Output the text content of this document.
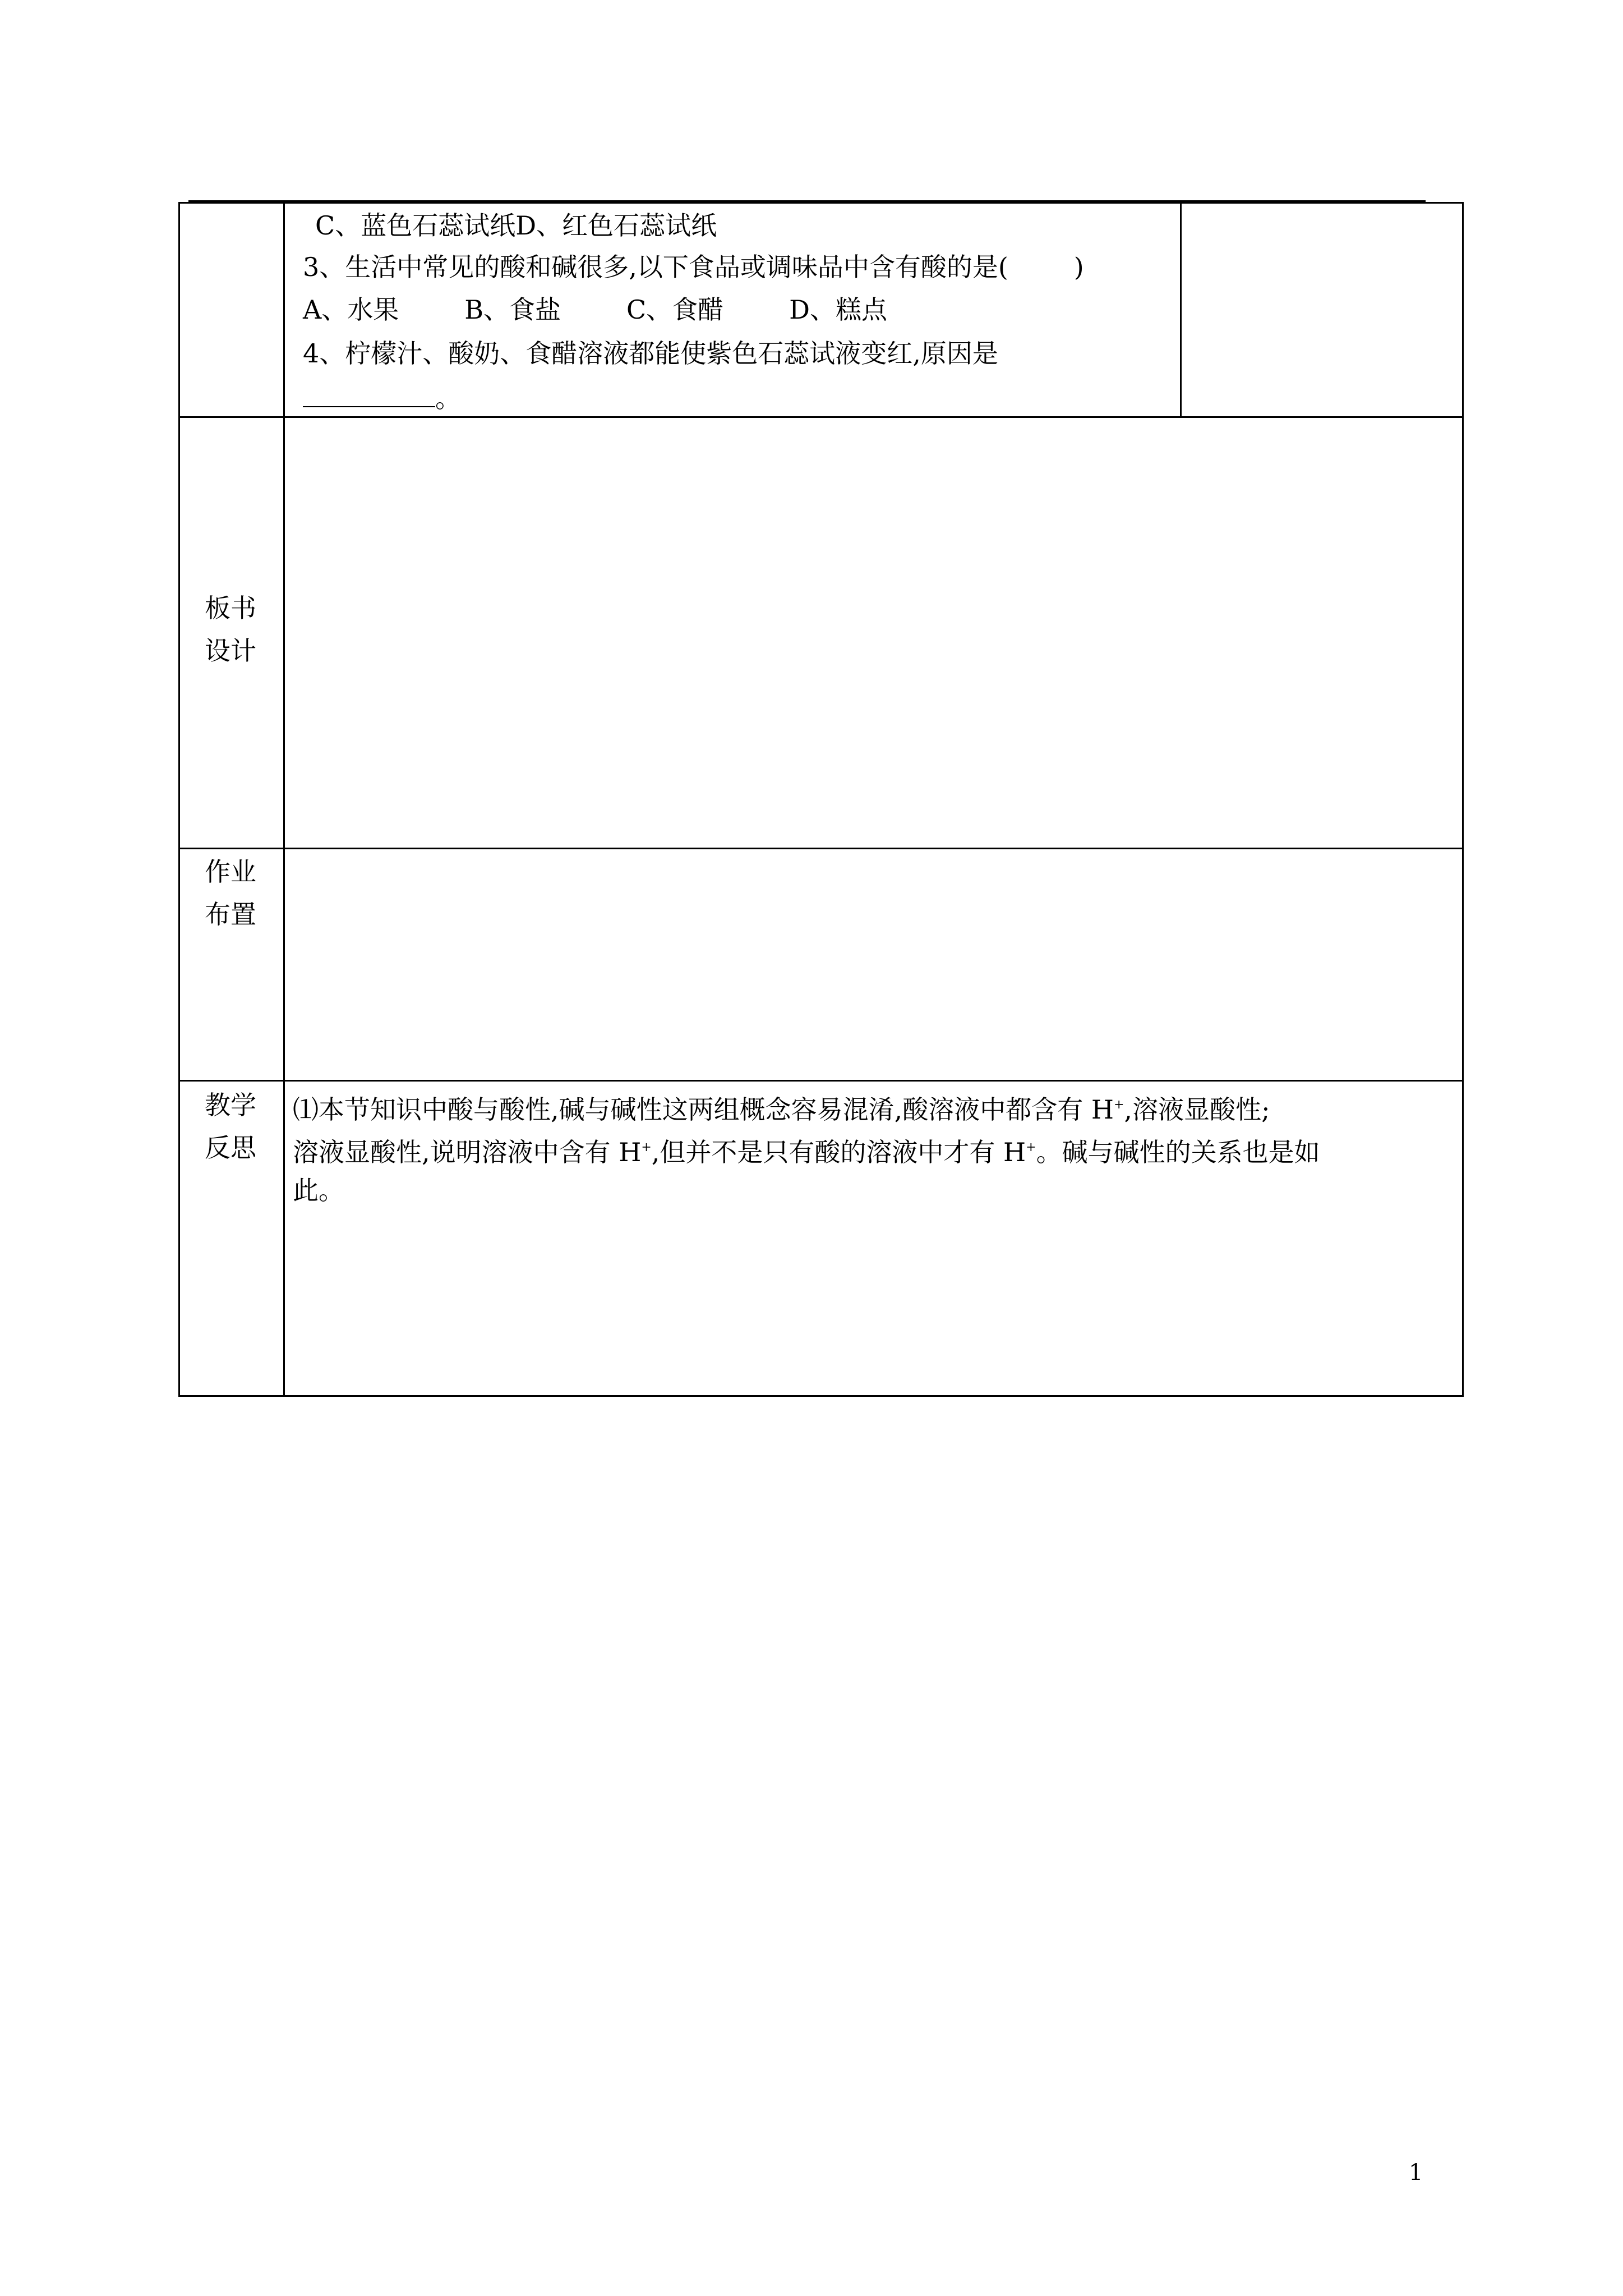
C、蓝色石蕊试纸D、红色石蕊试纸
3、生活中常见的酸和碱很多,以下食品或调味品中含有酸的是(        )
A、水果        B、食盐        C、食醋        D、糕点
4、柠檬汁、酸奶、食醋溶液都能使紫色石蕊试液变红,原因是
。
板书
设计
作业
布置
教学
反思
⑴本节知识中酸与酸性,碱与碱性这两组概念容易混淆,酸溶液中都含有 H+,溶液显酸性;
溶液显酸性,说明溶液中含有 H+,但并不是只有酸的溶液中才有 H+。碱与碱性的关系也是如
此。
1
